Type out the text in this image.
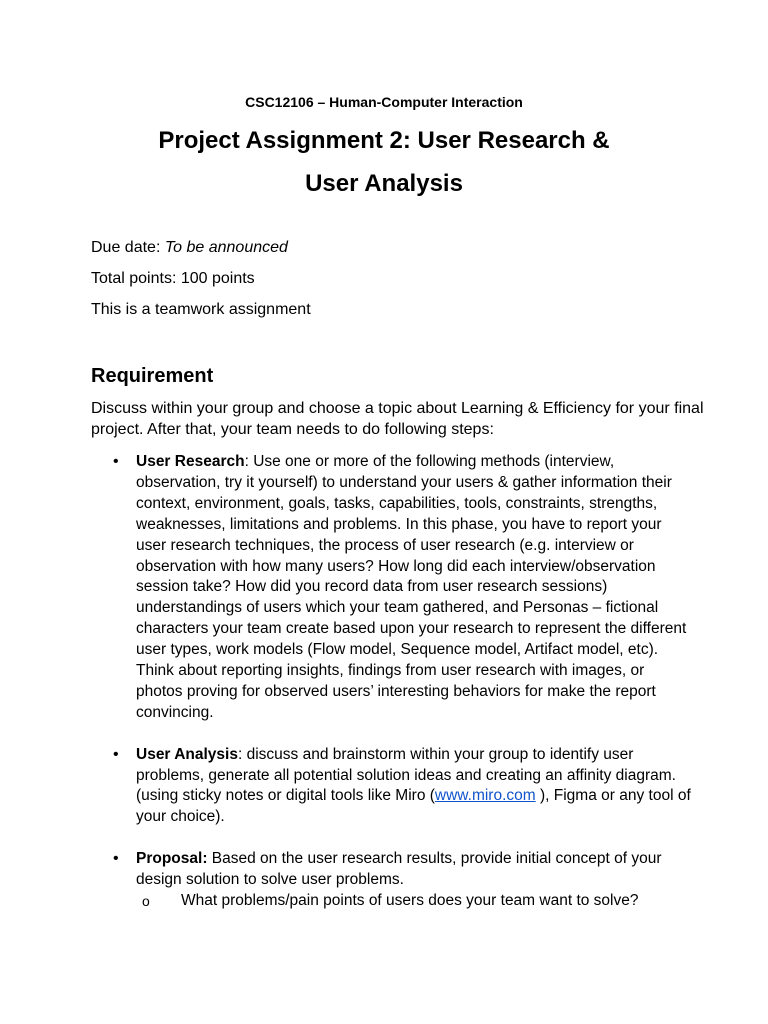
CSC12106 – Human-Computer Interaction
Project Assignment 2: User Research &
User Analysis
Due date: To be announced
Total points: 100 points
This is a teamwork assignment
Requirement
Discuss within your group and choose a topic about Learning & Efficiency for your final project. After that, your team needs to do following steps:
• User Research: Use one or more of the following methods (interview, observation, try it yourself) to understand your users & gather information their context, environment, goals, tasks, capabilities, tools, constraints, strengths, weaknesses, limitations and problems. In this phase, you have to report your user research techniques, the process of user research (e.g. interview or observation with how many users? How long did each interview/observation session take? How did you record data from user research sessions) understandings of users which your team gathered, and Personas – fictional characters your team create based upon your research to represent the different user types, work models (Flow model, Sequence model, Artifact model, etc). Think about reporting insights, findings from user research with images, or photos proving for observed users’ interesting behaviors for make the report convincing.
• User Analysis: discuss and brainstorm within your group to identify user problems, generate all potential solution ideas and creating an affinity diagram. (using sticky notes or digital tools like Miro (www.miro.com ), Figma or any tool of your choice).
• Proposal: Based on the user research results, provide initial concept of your design solution to solve user problems.
o What problems/pain points of users does your team want to solve?
